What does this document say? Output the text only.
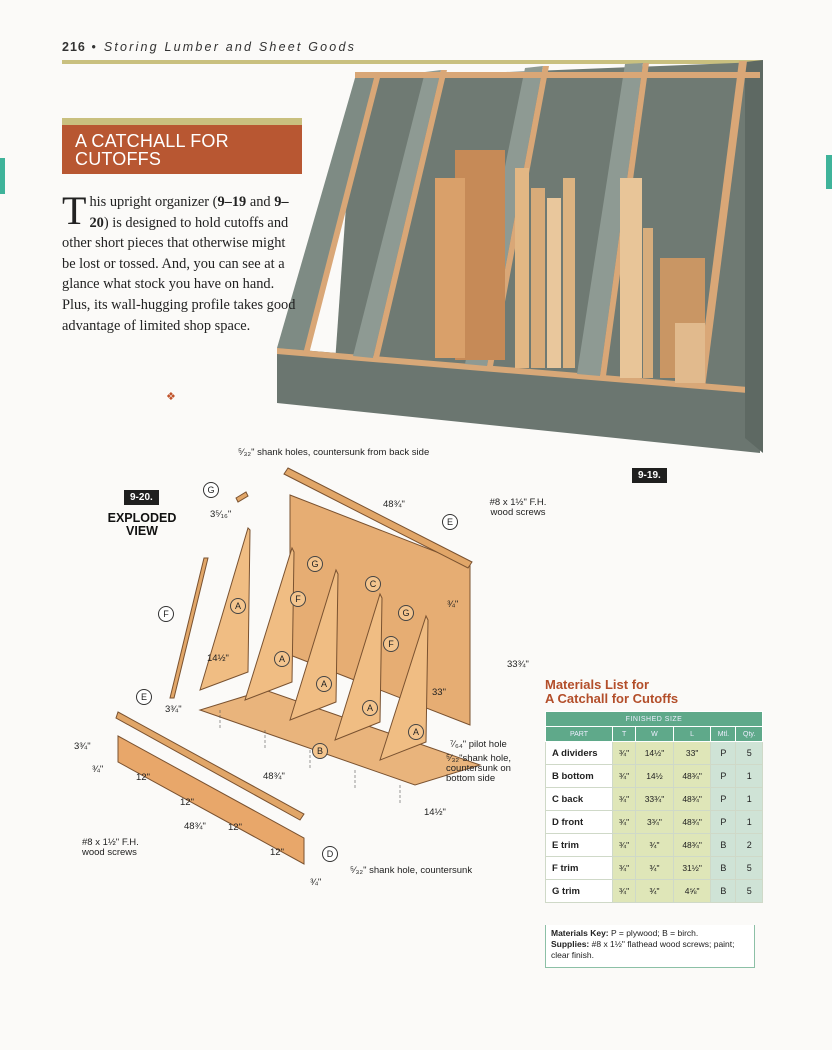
216 • Storing Lumber and Sheet Goods
9-19.
A CATCHALL FOR CUTOFFS
This upright organizer (9–19 and 9–20) is designed to hold cutoffs and other short pieces that otherwise might be lost or tossed. And, you can see at a glance what stock you have on hand. Plus, its wall-hugging profile takes good advantage of limited shop space.
❖
9-20.
EXPLODED VIEW
⁵⁄₃₂" shank holes, countersunk from back side
#8 x 1½" F.H. wood screws
#8 x 1½" F.H. wood screws
⁷⁄₆₄" pilot hole
⁵⁄₃₂"shank hole, countersunk on bottom side
⁵⁄₃₂" shank hole, countersunk
3⁵⁄₁₆"
48¾"
14½"
3¾"
¾"
33¾"
33"
48¾"
14½"
3¾"
¾"
12"
12"
12"
12"
48¾"
¾"
G
E
F
E
D
G
F
C
G
F
A
A
A
A
A
B
Materials List for
A Catchall for Cutoffs
FINISHED SIZE					
PART	T	W	L	Mtl.	Qty.
A dividers	¾"	14½"	33"	P	5
B bottom	¾"	14½	48¾"	P	1
C back	¾"	33¾"	48¾"	P	1
D front	¾"	3¾"	48¾"	P	1
E trim	¾"	¾"	48¾"	B	2
F trim	¾"	¾"	31½"	B	5
G trim	¾"	¾"	4⅝"	B	5
Materials Key: P = plywood; B = birch.
Supplies: #8 x 1½" flathead wood screws; paint; clear finish.
